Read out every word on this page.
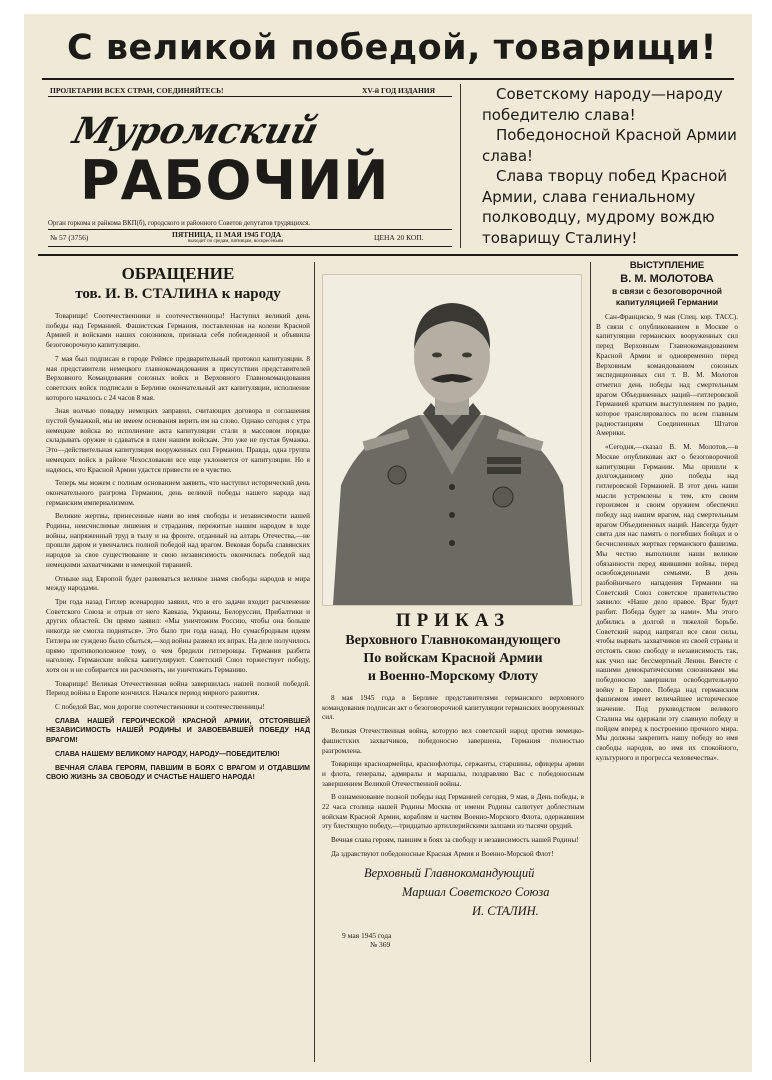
С великой победой, товарищи!
ПРОЛЕТАРИИ ВСЕХ СТРАН, СОЕДИНЯЙТЕСЬ!	XV-й ГОД ИЗДАНИЯ
Муромский
РАБОЧИЙ
Орган горкома и райкома ВКП(б), городского и районного Советов депутатов трудящихся.
№ 57 (3756)	ПЯТНИЦА, 11 МАЯ 1945 ГОДА
выходит по средам, пятницам, воскресеньям	ЦЕНА 20 КОП.

Советскому народу—народу победителю слава!

Победоносной Красной Армии слава!

Слава творцу побед Красной Армии, слава гениальному полководцу, мудрому вождю товарищу Сталину!

ОБРАЩЕНИЕ
тов. И. В. СТАЛИНА к народу

Товарищи! Соотечественники и соотечественницы! Наступил великий день победы над Германией. Фашистская Германия, поставленная на колени Красной Армией и войсками наших союзников, признала себя побежденной и объявила безоговорочную капитуляцию.

7 мая был подписан в городе Реймсе предварительный протокол капитуляции. 8 мая представители немецкого главнокомандования в присутствии представителей Верховного Командования союзных войск и Верховного Главнокомандования советских войск подписали в Берлине окончательный акт капитуляции, исполнение которого началось с 24 часов 8 мая.

Зная волчью повадку немецких заправил, считающих договора и соглашения пустой бумажкой, мы не имеем основания верить им на слово. Однако сегодня с утра немецкие войска во исполнение акта капитуляции стали в массовом порядке складывать оружие и сдаваться в плен нашим войскам. Это уже не пустая бумажка. Это—действительная капитуляция вооруженных сил Германии. Правда, одна группа немецких войск в районе Чехословакии все еще уклоняется от капитуляции. Но я надеюсь, что Красной Армии удастся привести ее в чувство.

Теперь мы можем с полным основанием заявить, что наступил исторический день окончательного разгрома Германии, день великой победы нашего народа над германским империализмом.

Великие жертвы, принесенные нами во имя свободы и независимости нашей Родины, неисчислимые лишения и страдания, пережитые нашим народом в ходе войны, напряженный труд в тылу и на фронте, отданный на алтарь Отечества,—не прошли даром и увенчались полной победой над врагом. Вековая борьба славянских народов за свое существование и свою независимость окончилась победой над немецкими захватчиками и немецкой тиранией.

Отныне над Европой будет развеваться великое знамя свободы народов и мира между народами.

Три года назад Гитлер всенародно заявил, что в его задачи входит расчленение Советского Союза и отрыв от него Кавказа, Украины, Белоруссии, Прибалтики и других областей. Он прямо заявил: «Мы уничтожим Россию, чтобы она больше никогда не смогла подняться». Это было три года назад. Но сумасбродным идеям Гитлера не суждено было сбыться,—ход войны развеял их впрах. На деле получилось прямо противоположное тому, о чем бредили гитлеровцы. Германия разбита наголову. Германские войска капитулируют. Советский Союз торжествует победу, хотя он и не собирается ни расчленять, ни уничтожать Германию.

Товарищи! Великая Отечественная война завершилась нашей полной победой. Период войны в Европе кончился. Начался период мирного развития.

С победой Вас, мои дорогие соотечественники и соотечественницы!

СЛАВА НАШЕЙ ГЕРОИЧЕСКОЙ КРАСНОЙ АРМИИ, ОТСТОЯВШЕЙ НЕЗАВИСИМОСТЬ НАШЕЙ РОДИНЫ И ЗАВОЕВАВШЕЙ ПОБЕДУ НАД ВРАГОМ!

СЛАВА НАШЕМУ ВЕЛИКОМУ НАРОДУ, НАРОДУ—ПОБЕДИТЕЛЮ!

ВЕЧНАЯ СЛАВА ГЕРОЯМ, ПАВШИМ В БОЯХ С ВРАГОМ И ОТДАВШИМ СВОЮ ЖИЗНЬ ЗА СВОБОДУ И СЧАСТЬЕ НАШЕГО НАРОДА!

ПРИКАЗ
Верховного Главнокомандующего
По войскам Красной Армии
и Военно-Морскому Флоту

8 мая 1945 года в Берлине представителями германского верховного командования подписан акт о безоговорочной капитуляции германских вооруженных сил.

Великая Отечественная война, которую вел советский народ против немецко-фашистских захватчиков, победоносно завершена, Германия полностью разгромлена.

Товарищи красноармейцы, краснофлотцы, сержанты, старшины, офицеры армии и флота, генералы, адмиралы и маршалы, поздравляю Вас с победоносным завершением Великой Отечественной войны.

В ознаменование полной победы над Германией сегодня, 9 мая, в День победы, в 22 часа столица нашей Родины Москва от имени Родины салютует доблестным войскам Красной Армии, кораблям и частям Военно-Морского Флота, одержавшим эту блестящую победу,—тридцатью артиллерийскими залпами из тысячи орудий.

Вечная слава героям, павшим в боях за свободу и независимость нашей Родины!

Да здравствуют победоносные Красная Армия и Военно-Морской Флот!

Верховный Главнокомандующий
Маршал Советского Союза
И. СТАЛИН.
9 мая 1945 года
№ 369
ВЫСТУПЛЕНИЕ
В. М. МОЛОТОВА
в связи с безоговорочной капитуляцией Германии

Сан-Франциско, 9 мая (Спец. кор. ТАСС). В связи с опубликованием в Москве о капитуляции германских вооруженных сил перед Верховным Главнокомандованием Красной Армии и одновременно перед Верховным командованием союзных экспедиционных сил т. В. М. Молотов отметил день победы над смертельным врагом Объединенных наций—гитлеровской Германией кратким выступлением по радио, которое транслировалось по всем главным радиостанциям Соединенных Штатов Америки.

«Сегодня,—сказал В. М. Молотов,—в Москве опубликован акт о безоговорочной капитуляции Германии. Мы пришли к долгожданному дню победы над гитлеровской Германией. В этот день наши мысли устремлены к тем, кто своим героизмом и своим оружием обеспечил победу над нашим врагом, над смертельным врагом Объединенных наций. Навсегда будет свята для нас память о погибших бойцах и о бесчисленных жертвах германского фашизма. Мы честно выполнили наши великие обязанности перед явившими войны, перед освобожденными семьями. В день разбойничьего нападения Германии на Советский Союз советское правительство заявило: «Наше дело правое. Враг будет разбит. Победа будет за нами». Мы этого добились в долгой и тяжелой борьбе. Советский народ напрягал все свои силы, чтобы вырвать захватчиков из своей страны и отстоять свою свободу и независимость так, как учил нас бессмертный Ленин. Вместе с нашими демократическими союзниками мы победоносно завершили освободительную войну в Европе. Победа над германским фашизмом имеет величайшее историческое значение. Под руководством великого Сталина мы одержали эту славную победу и пойдем вперед к построению прочного мира. Мы должны закрепить нашу победу во имя свободы народов, во имя их спокойного, культурного и прогресса человечества».
